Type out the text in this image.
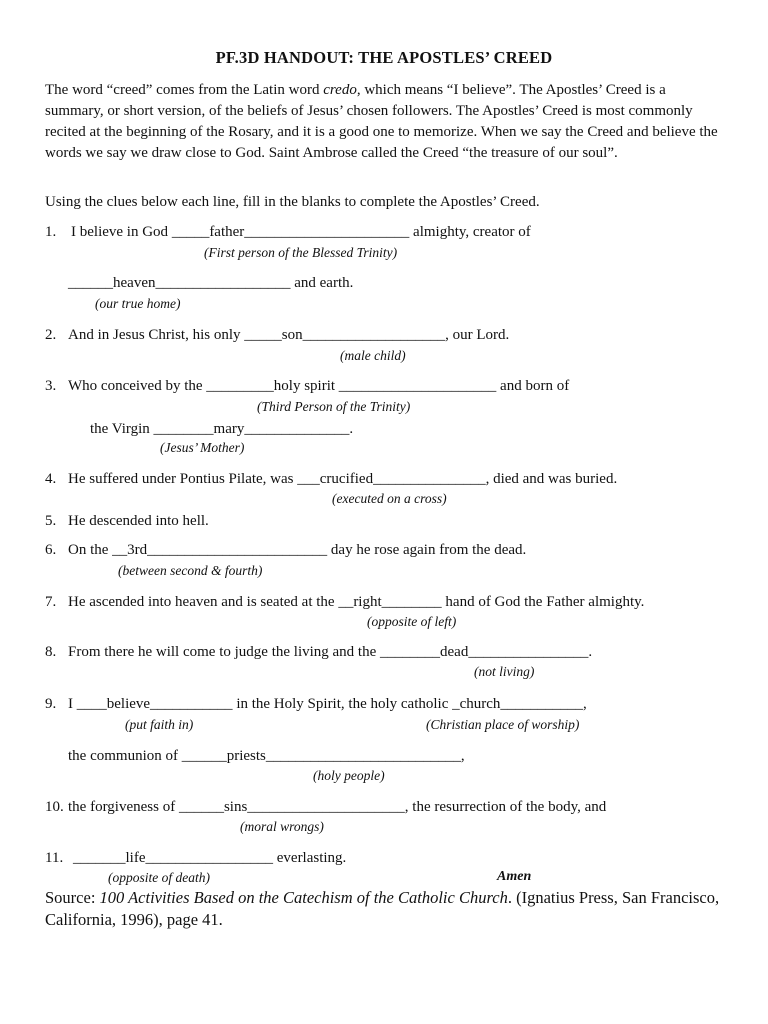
PF.3D HANDOUT: THE APOSTLES’ CREED
The word “creed” comes from the Latin word credo, which means “I believe”. The Apostles’ Creed is a summary, or short version, of the beliefs of Jesus’ chosen followers. The Apostles’ Creed is most commonly recited at the beginning of the Rosary, and it is a good one to memorize. When we say the Creed and believe the words we say we draw close to God. Saint Ambrose called the Creed “the treasure of our soul”.
Using the clues below each line, fill in the blanks to complete the Apostles’ Creed.
1. I believe in God _____father______________________ almighty, creator of
(First person of the Blessed Trinity)
______heaven__________________ and earth.
(our true home)
2. And in Jesus Christ, his only _____son___________________, our Lord.
(male child)
3. Who conceived by the _________holy spirit _____________________ and born of
(Third Person of the Trinity)
the Virgin ________mary______________.
(Jesus’ Mother)
4. He suffered under Pontius Pilate, was ___crucified_______________, died and was buried.
(executed on a cross)
5. He descended into hell.
6. On the __3rd________________________ day he rose again from the dead.
(between second & fourth)
7. He ascended into heaven and is seated at the __right________ hand of God the Father almighty.
(opposite of left)
8. From there he will come to judge the living and the ________dead________________.
(not living)
9. I ____believe___________ in the Holy Spirit, the holy catholic _church___________,
(put faith in)	(Christian place of worship)
the communion of ______priests__________________________,
(holy people)
10. the forgiveness of ______sins_____________________, the resurrection of the body, and
(moral wrongs)
11. _______life_________________ everlasting.
(opposite of death)	Amen
Source: 100 Activities Based on the Catechism of the Catholic Church. (Ignatius Press, San Francisco, California, 1996), page 41.
